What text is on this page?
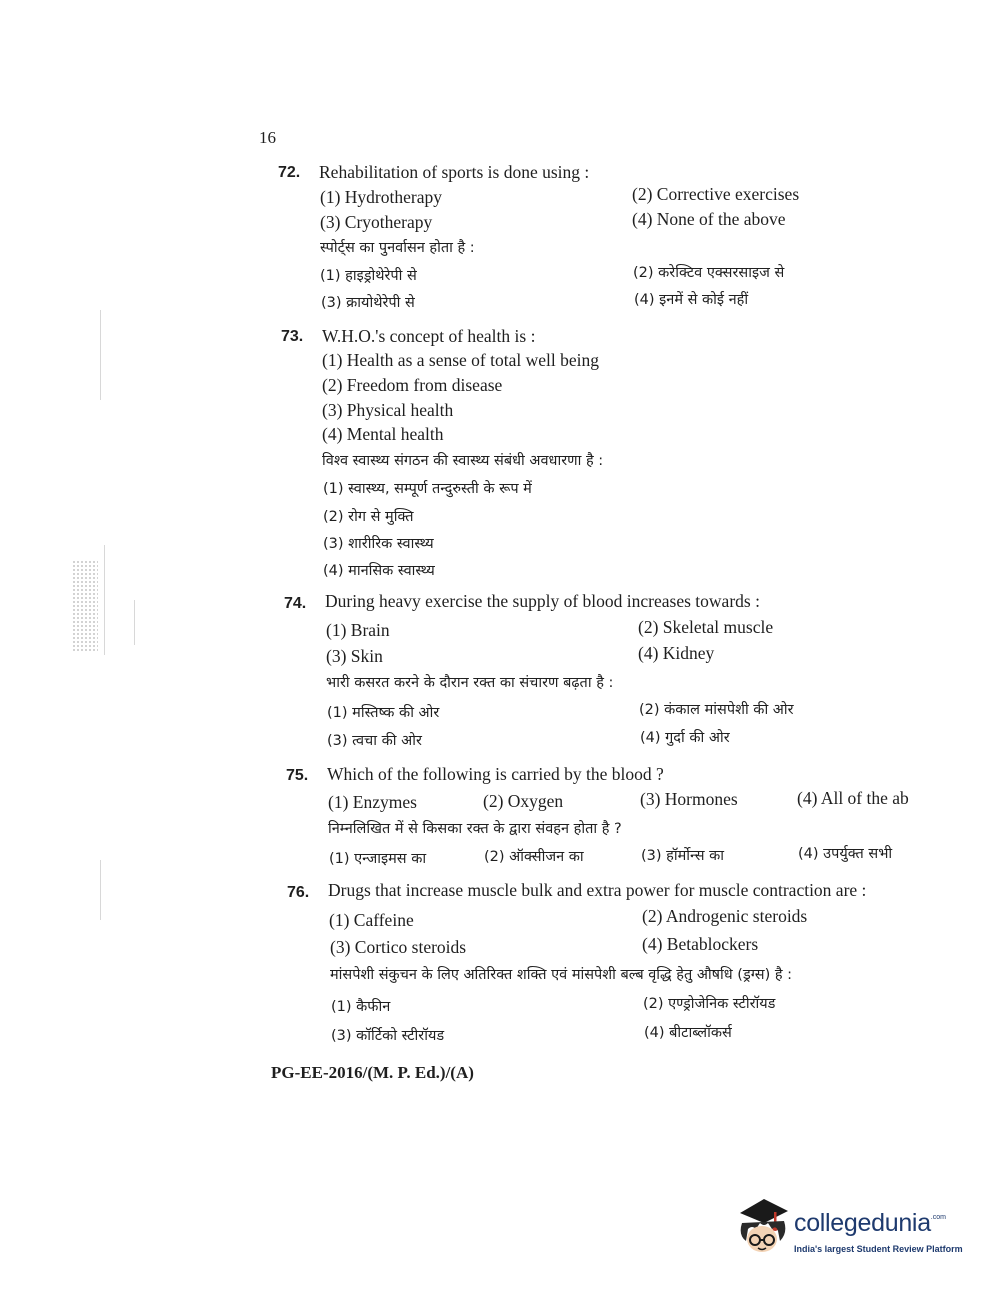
16
72. Rehabilitation of sports is done using :
(1) Hydrotherapy	(2) Corrective exercises
(3) Cryotherapy	(4) None of the above
स्पोर्ट्स का पुनर्वासन होता है :
(1) हाइड्रोथेरेपी से	(2) करेक्टिव एक्सरसाइज से
(3) क्रायोथेरेपी से	(4) इनमें से कोई नहीं
73. W.H.O.'s concept of health is :
(1) Health as a sense of total well being
(2) Freedom from disease
(3) Physical health
(4) Mental health
विश्व स्वास्थ्य संगठन की स्वास्थ्य संबंधी अवधारणा है :
(1) स्वास्थ्य, सम्पूर्ण तन्दुरुस्ती के रूप में
(2) रोग से मुक्ति
(3) शारीरिक स्वास्थ्य
(4) मानसिक स्वास्थ्य
74. During heavy exercise the supply of blood increases towards :
(1) Brain	(2) Skeletal muscle
(3) Skin	(4) Kidney
भारी कसरत करने के दौरान रक्त का संचारण बढ़ता है :
(1) मस्तिष्क की ओर	(2) कंकाल मांसपेशी की ओर
(3) त्वचा की ओर	(4) गुर्दा की ओर
75. Which of the following is carried by the blood ?
(1) Enzymes	(2) Oxygen	(3) Hormones	(4) All of the ab
निम्नलिखित में से किसका रक्त के द्वारा संवहन होता है ?
(1) एन्जाइमस का	(2) ऑक्सीजन का	(3) हॉर्मोन्स का	(4) उपर्युक्त सभी
76. Drugs that increase muscle bulk and extra power for muscle contraction are :
(1) Caffeine	(2) Androgenic steroids
(3) Cortico steroids	(4) Betablockers
मांसपेशी संकुचन के लिए अतिरिक्त शक्ति एवं मांसपेशी बल्ब वृद्धि हेतु औषधि (ड्रग्स) है :
(1) कैफीन	(2) एण्ड्रोजेनिक स्टीरॉयड
(3) कॉर्टिको स्टीरॉयड	(4) बीटाब्लॉकर्स
PG-EE-2016/(M. P. Ed.)/(A)
collegedunia$^{.com}$
India's largest Student Review Platform
